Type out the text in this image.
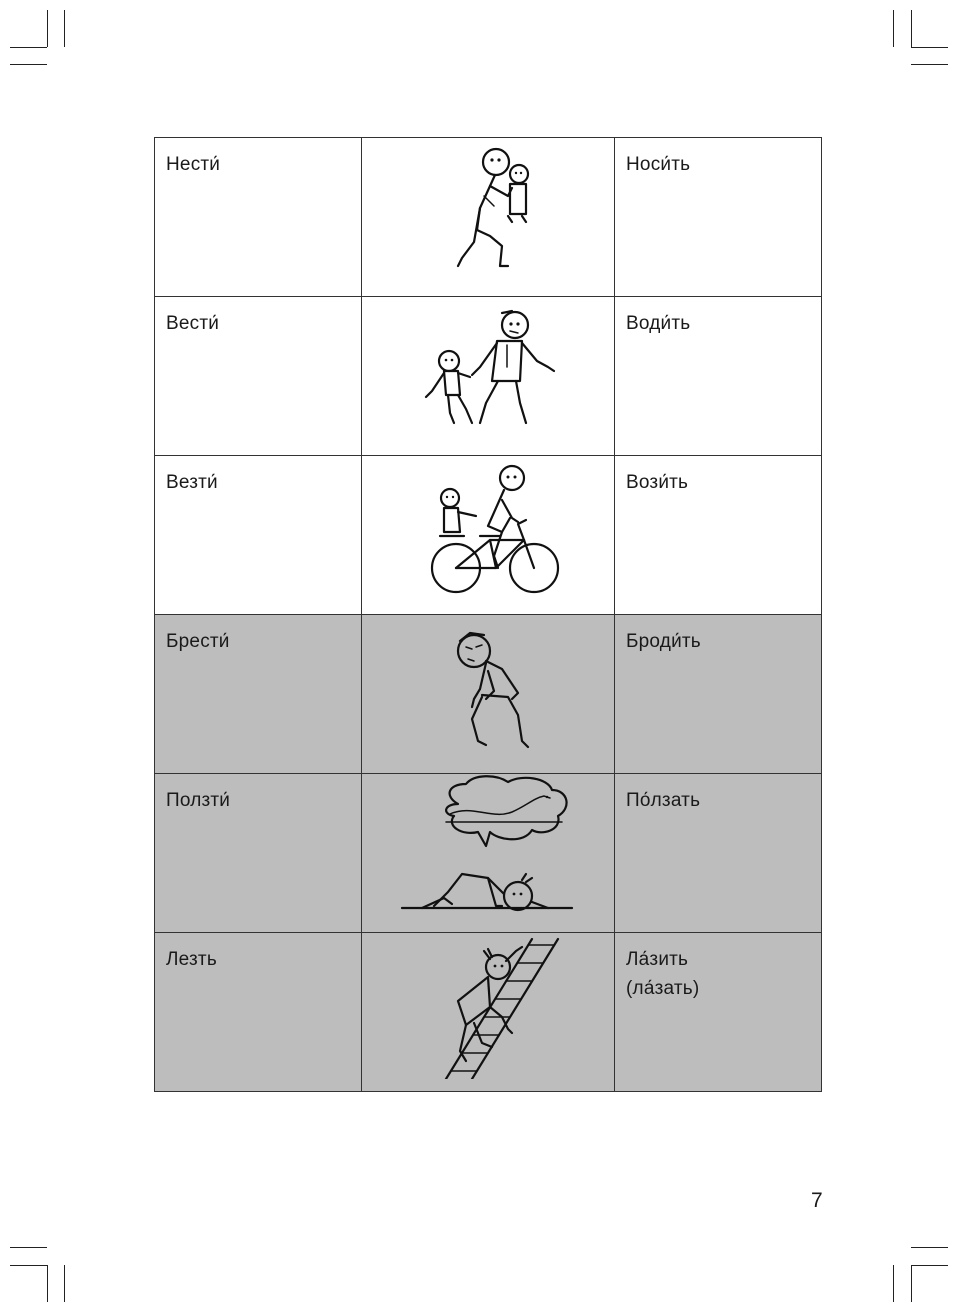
Нести́		Носи́ть

Вести́		Води́ть

Везти́		Вози́ть

Брести́		Броди́ть

Ползти́		По́лзать

Лезть		Ла́зить
(ла́зать)
7
